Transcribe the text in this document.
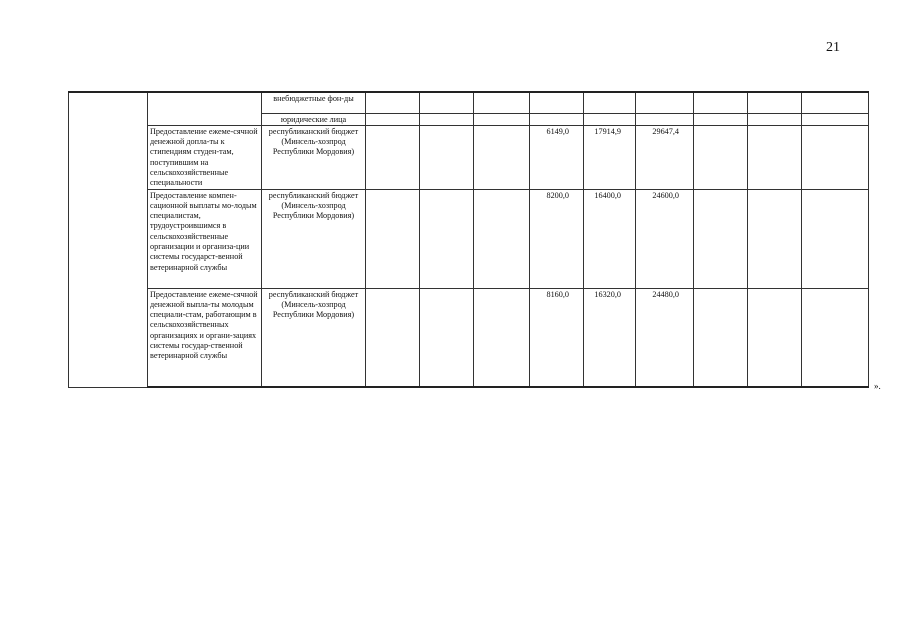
21
		внебюджетные фон-ды									
		юридические лица									
	Предоставление ежеме-сячной денежной допла-ты к стипендиям студен-там, поступившим на сельскохозяйственные специальности	республиканский бюджет (Минсель-хозпрод Республики Мордовия)				6149,0	17914,9	29647,4			
	Предоставление компен-сационной выплаты мо-лодым специалистам, трудоустроившимся в сельскохозяйственные организации и организа-ции системы государст-венной ветеринарной службы	республиканский бюджет (Минсель-хозпрод Республики Мордовия)				8200,0	16400,0	24600,0			
	Предоставление ежеме-сячной денежной выпла-ты молодым специали-стам, работающим в сельскохозяйственных организациях и органи-зациях системы государ-ственной ветеринарной службы	республиканский бюджет (Минсель-хозпрод Республики Мордовия)				8160,0	16320,0	24480,0			
».
